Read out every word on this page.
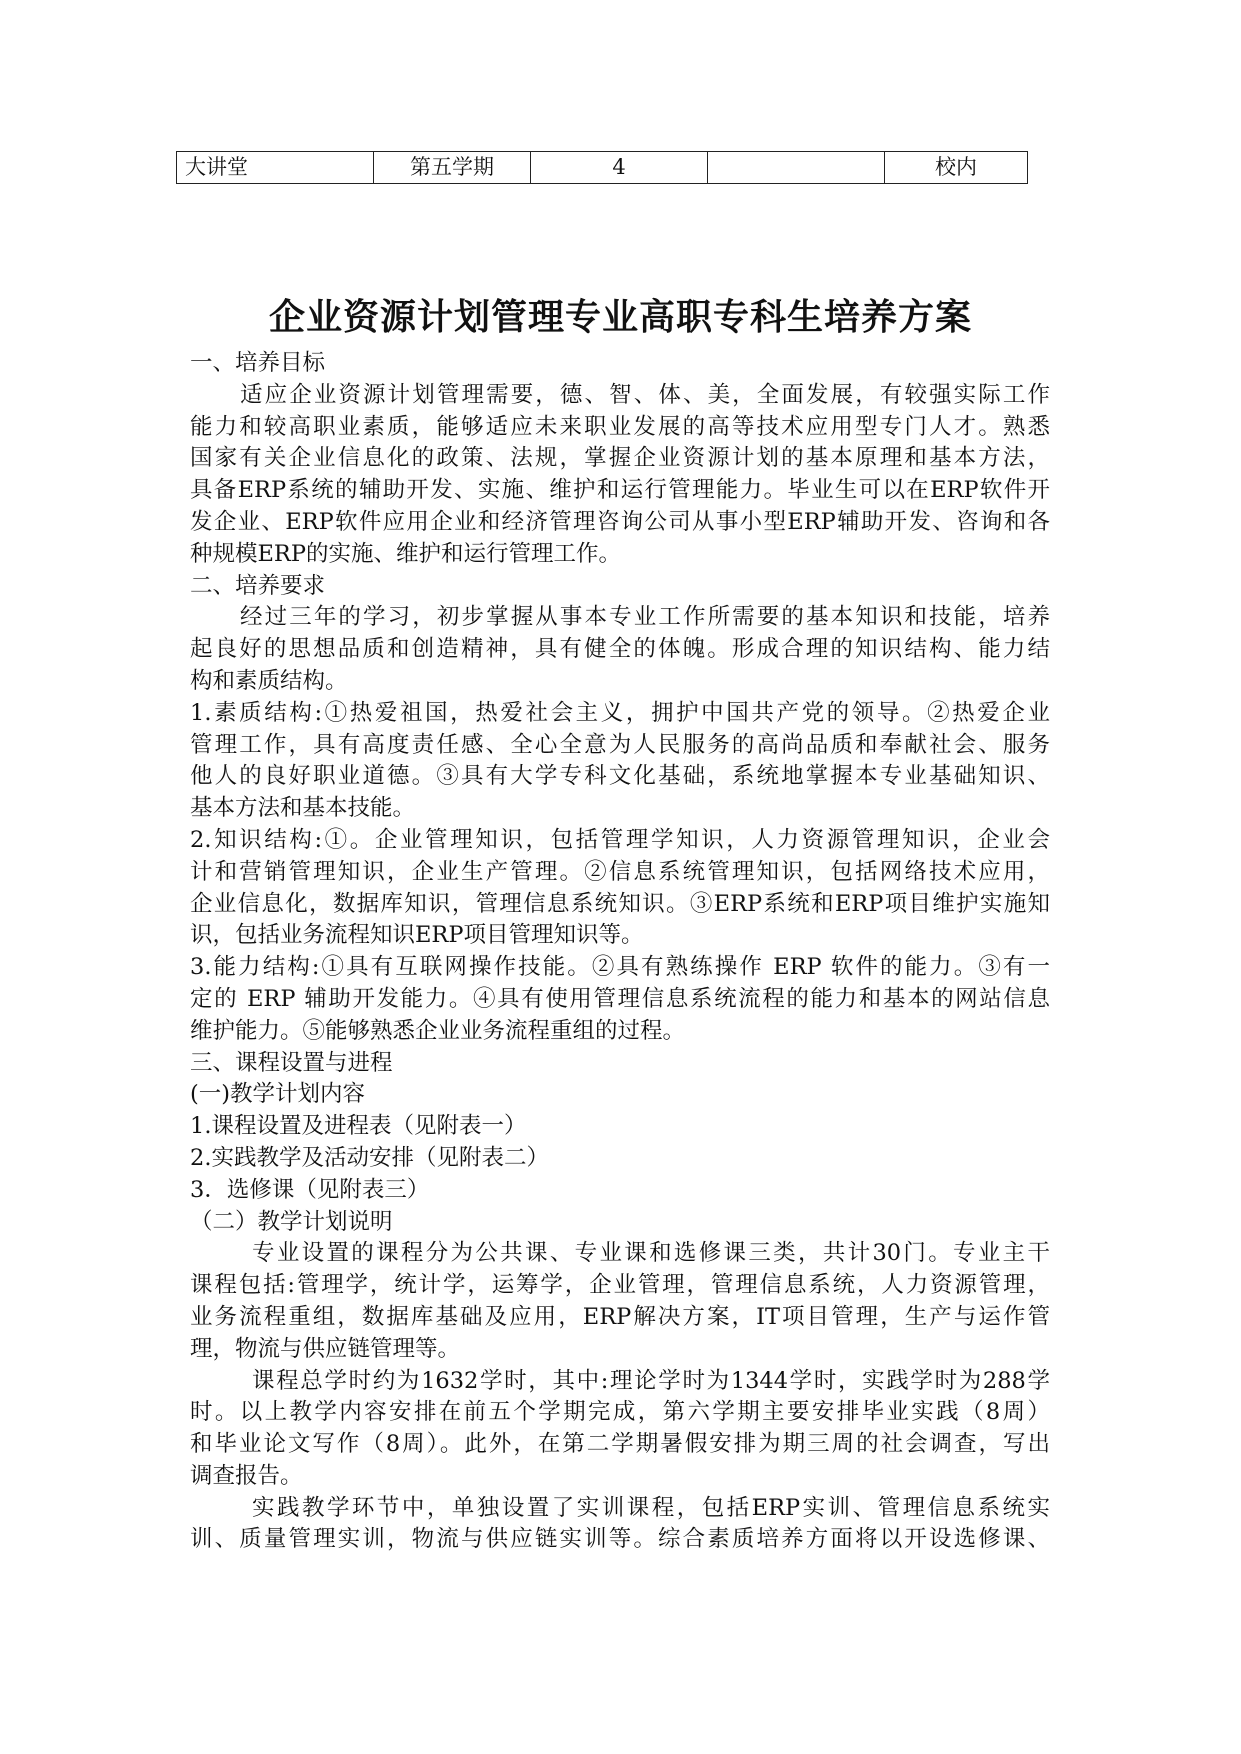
大讲堂	第五学期	4		校内
企业资源计划管理专业高职专科生培养方案
一、培养目标
适应企业资源计划管理需要，德、智、体、美，全面发展，有较强实际工作
能力和较高职业素质，能够适应未来职业发展的高等技术应用型专门人才。熟悉
国家有关企业信息化的政策、法规，掌握企业资源计划的基本原理和基本方法，
具备ERP系统的辅助开发、实施、维护和运行管理能力。毕业生可以在ERP软件开
发企业、ERP软件应用企业和经济管理咨询公司从事小型ERP辅助开发、咨询和各
种规模ERP的实施、维护和运行管理工作。
二、培养要求
经过三年的学习，初步掌握从事本专业工作所需要的基本知识和技能，培养
起良好的思想品质和创造精神，具有健全的体魄。形成合理的知识结构、能力结
构和素质结构。
1.素质结构:①热爱祖国，热爱社会主义，拥护中国共产党的领导。②热爱企业
管理工作，具有高度责任感、全心全意为人民服务的高尚品质和奉献社会、服务
他人的良好职业道德。③具有大学专科文化基础，系统地掌握本专业基础知识、
基本方法和基本技能。
2.知识结构:①。企业管理知识，包括管理学知识，人力资源管理知识，企业会
计和营销管理知识，企业生产管理。②信息系统管理知识，包括网络技术应用，
企业信息化，数据库知识，管理信息系统知识。③ERP系统和ERP项目维护实施知
识，包括业务流程知识ERP项目管理知识等。
3.能力结构:①具有互联网操作技能。②具有熟练操作 ERP 软件的能力。③有一
定的 ERP 辅助开发能力。④具有使用管理信息系统流程的能力和基本的网站信息
维护能力。⑤能够熟悉企业业务流程重组的过程。
三、课程设置与进程
(一)教学计划内容
1.课程设置及进程表（见附表一）
2.实践教学及活动安排（见附表二）
3．选修课（见附表三）
（二）教学计划说明
专业设置的课程分为公共课、专业课和选修课三类，共计30门。专业主干
课程包括:管理学，统计学，运筹学，企业管理，管理信息系统，人力资源管理，
业务流程重组，数据库基础及应用，ERP解决方案，IT项目管理，生产与运作管
理，物流与供应链管理等。
课程总学时约为1632学时，其中:理论学时为1344学时，实践学时为288学
时。以上教学内容安排在前五个学期完成，第六学期主要安排毕业实践（8周）
和毕业论文写作（8周）。此外，在第二学期暑假安排为期三周的社会调查，写出
调查报告。
实践教学环节中，单独设置了实训课程，包括ERP实训、管理信息系统实
训、质量管理实训，物流与供应链实训等。综合素质培养方面将以开设选修课、
